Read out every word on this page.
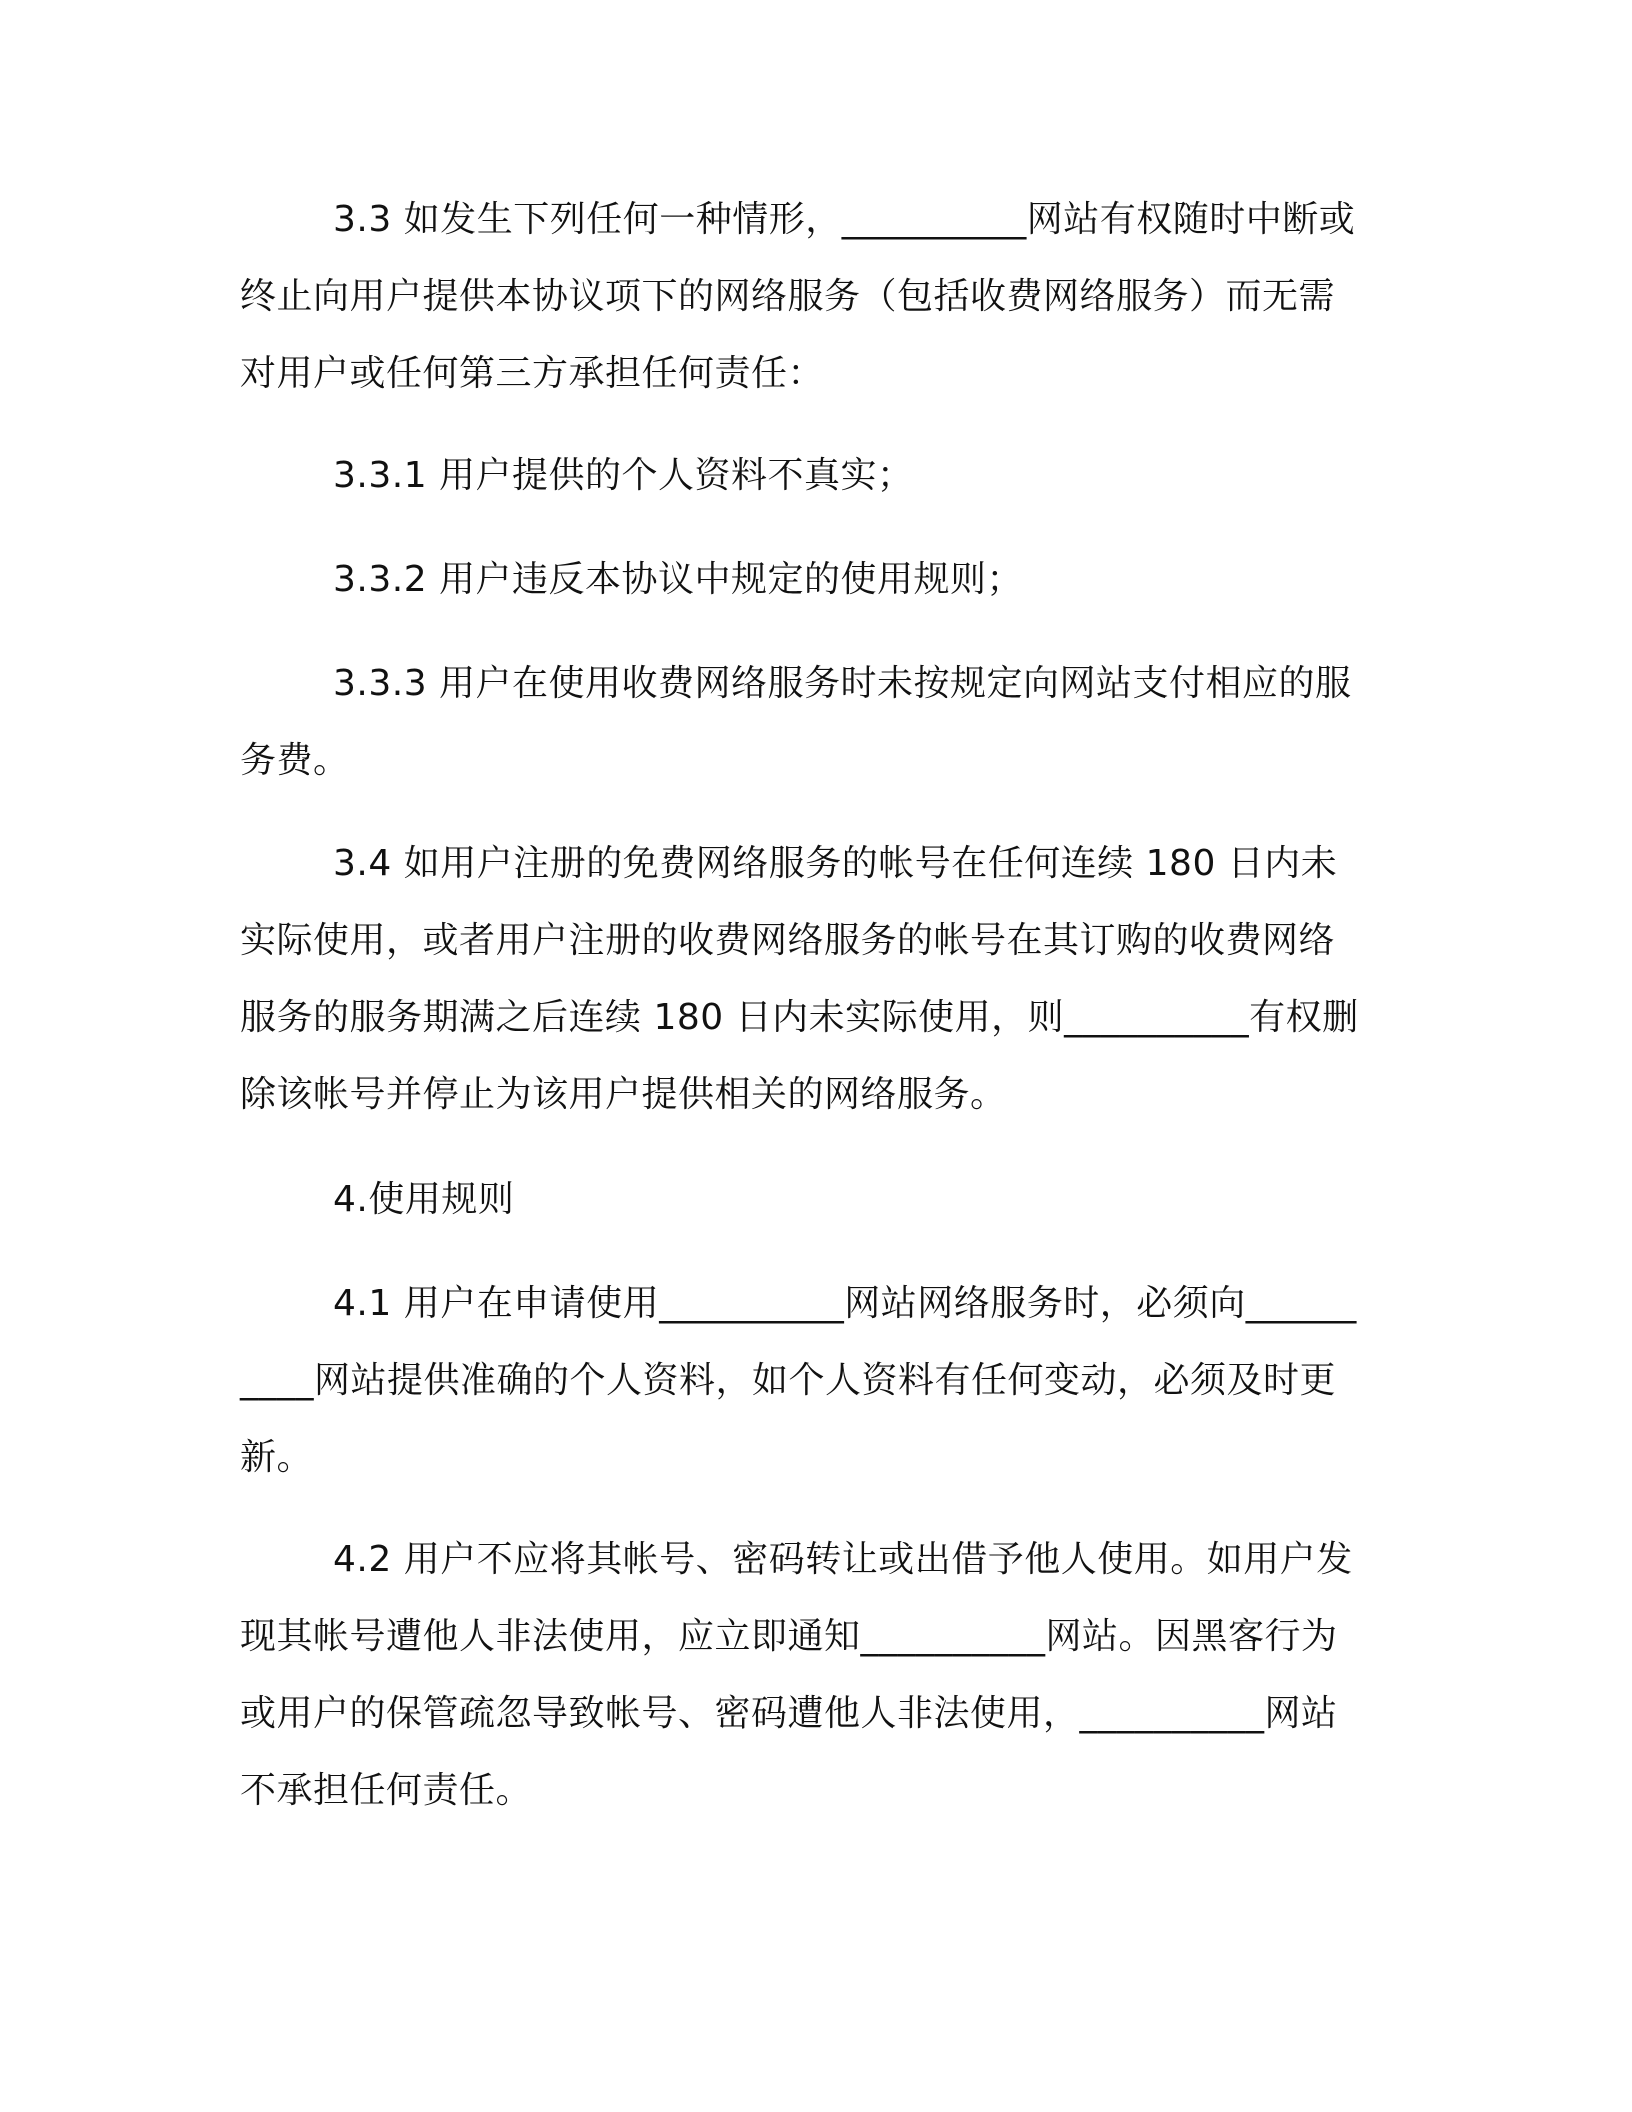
3.3 如发生下列任何一种情形，__________网站有权随时中断或终止向用户提供本协议项下的网络服务（包括收费网络服务）而无需对用户或任何第三方承担任何责任：

3.3.1 用户提供的个人资料不真实；

3.3.2 用户违反本协议中规定的使用规则；

3.3.3 用户在使用收费网络服务时未按规定向网站支付相应的服务费。

3.4 如用户注册的免费网络服务的帐号在任何连续 180 日内未实际使用，或者用户注册的收费网络服务的帐号在其订购的收费网络服务的服务期满之后连续 180 日内未实际使用，则__________有权删除该帐号并停止为该用户提供相关的网络服务。

4.使用规则

4.1 用户在申请使用__________网站网络服务时，必须向__________网站提供准确的个人资料，如个人资料有任何变动，必须及时更新。

4.2 用户不应将其帐号、密码转让或出借予他人使用。如用户发现其帐号遭他人非法使用，应立即通知__________网站。因黑客行为或用户的保管疏忽导致帐号、密码遭他人非法使用，__________网站不承担任何责任。
